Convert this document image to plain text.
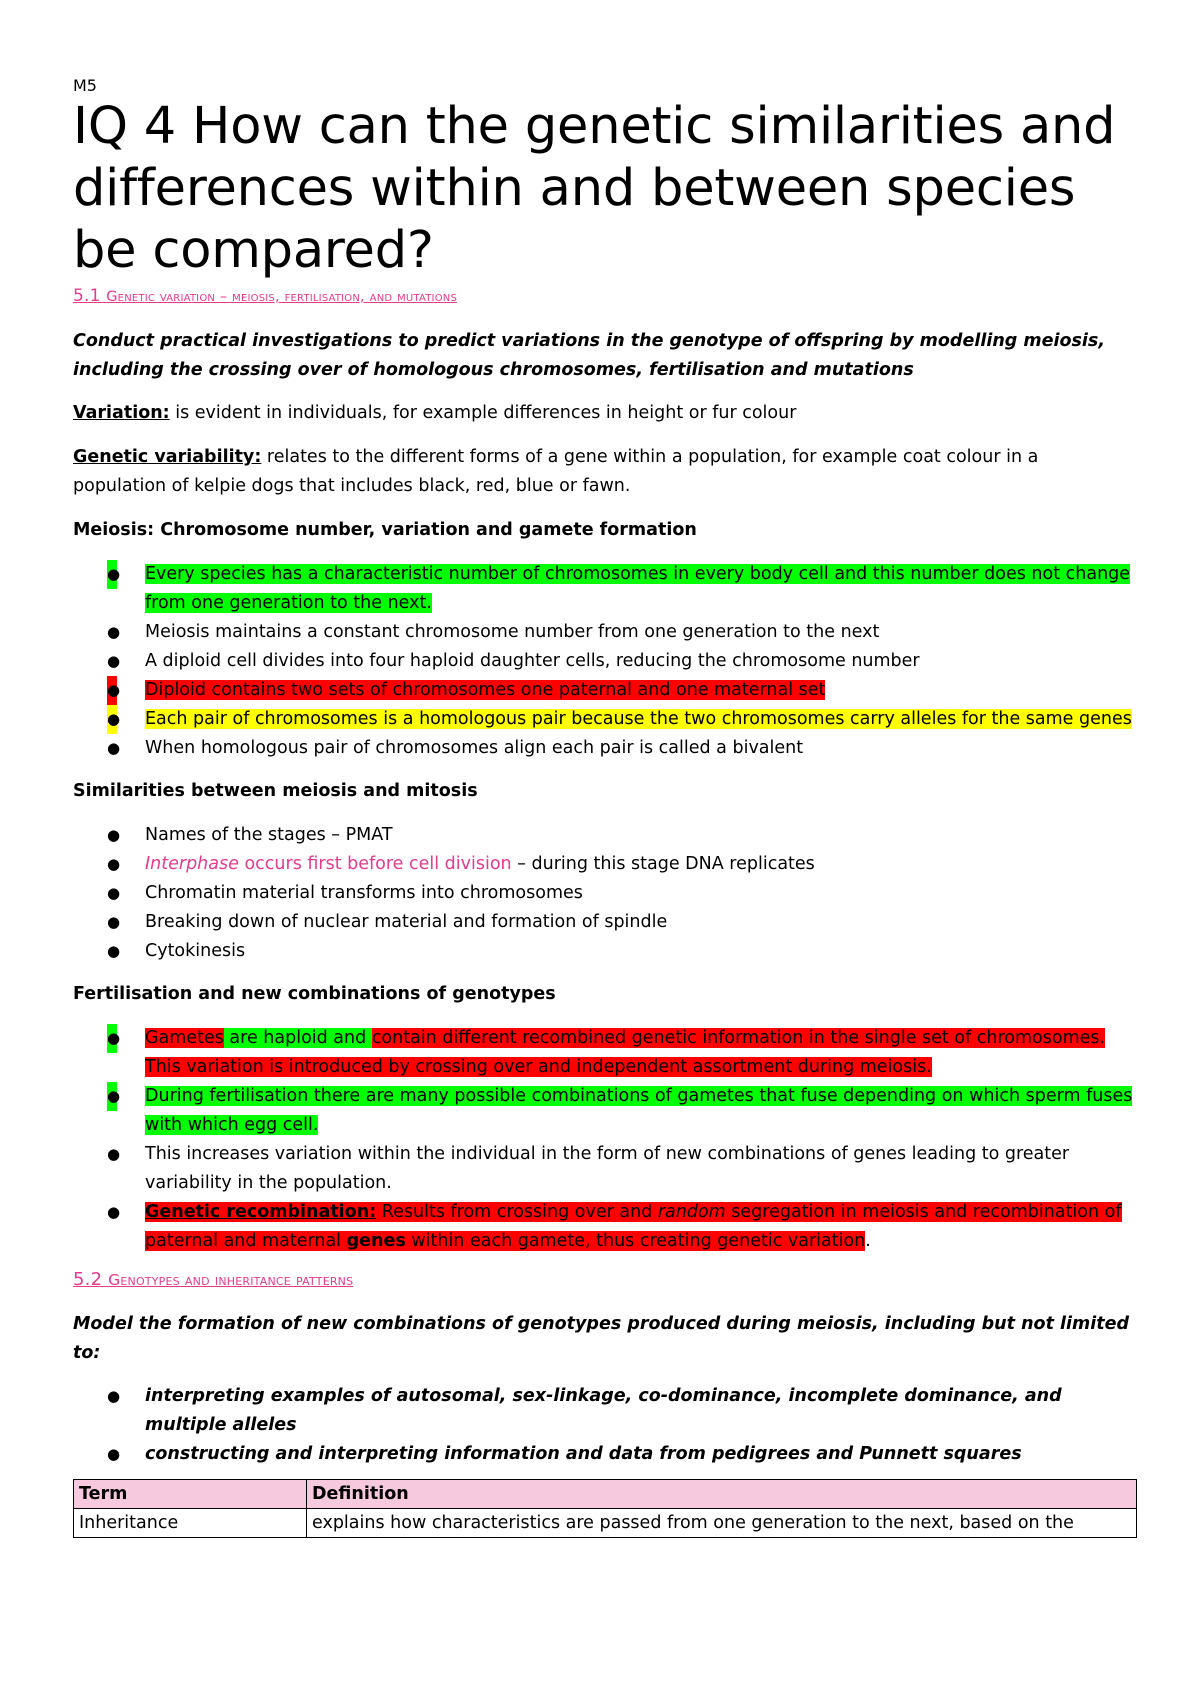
M5

IQ 4 How can the genetic similarities and differences within and between species be compared?
5.1 Genetic variation – meiosis, fertilisation, and mutations

Conduct practical investigations to predict variations in the genotype of offspring by modelling meiosis, including the crossing over of homologous chromosomes, fertilisation and mutations

Variation: is evident in individuals, for example differences in height or fur colour

Genetic variability: relates to the different forms of a gene within a population, for example coat colour in a population of kelpie dogs that includes black, red, blue or fawn.

Meiosis: Chromosome number, variation and gamete formation

● Every species has a characteristic number of chromosomes in every body cell and this number does not change from one generation to the next.
● Meiosis maintains a constant chromosome number from one generation to the next
● A diploid cell divides into four haploid daughter cells, reducing the chromosome number
● Diploid contains two sets of chromosomes one paternal and one maternal set
● Each pair of chromosomes is a homologous pair because the two chromosomes carry alleles for the same genes
● When homologous pair of chromosomes align each pair is called a bivalent

Similarities between meiosis and mitosis

● Names of the stages – PMAT
● Interphase occurs first before cell division – during this stage DNA replicates
● Chromatin material transforms into chromosomes
● Breaking down of nuclear material and formation of spindle
● Cytokinesis

Fertilisation and new combinations of genotypes

● Gametes are haploid and contain different recombined genetic information in the single set of chromosomes. This variation is introduced by crossing over and independent assortment during meiosis.
● During fertilisation there are many possible combinations of gametes that fuse depending on which sperm fuses with which egg cell.
● This increases variation within the individual in the form of new combinations of genes leading to greater variability in the population.
● Genetic recombination: Results from crossing over and random segregation in meiosis and recombination of paternal and maternal genes within each gamete, thus creating genetic variation.
5.2 Genotypes and inheritance patterns

Model the formation of new combinations of genotypes produced during meiosis, including but not limited to:

● interpreting examples of autosomal, sex-linkage, co-dominance, incomplete dominance, and multiple alleles
● constructing and interpreting information and data from pedigrees and Punnett squares
Term	Definition
Inheritance	explains how characteristics are passed from one generation to the next, based on the
